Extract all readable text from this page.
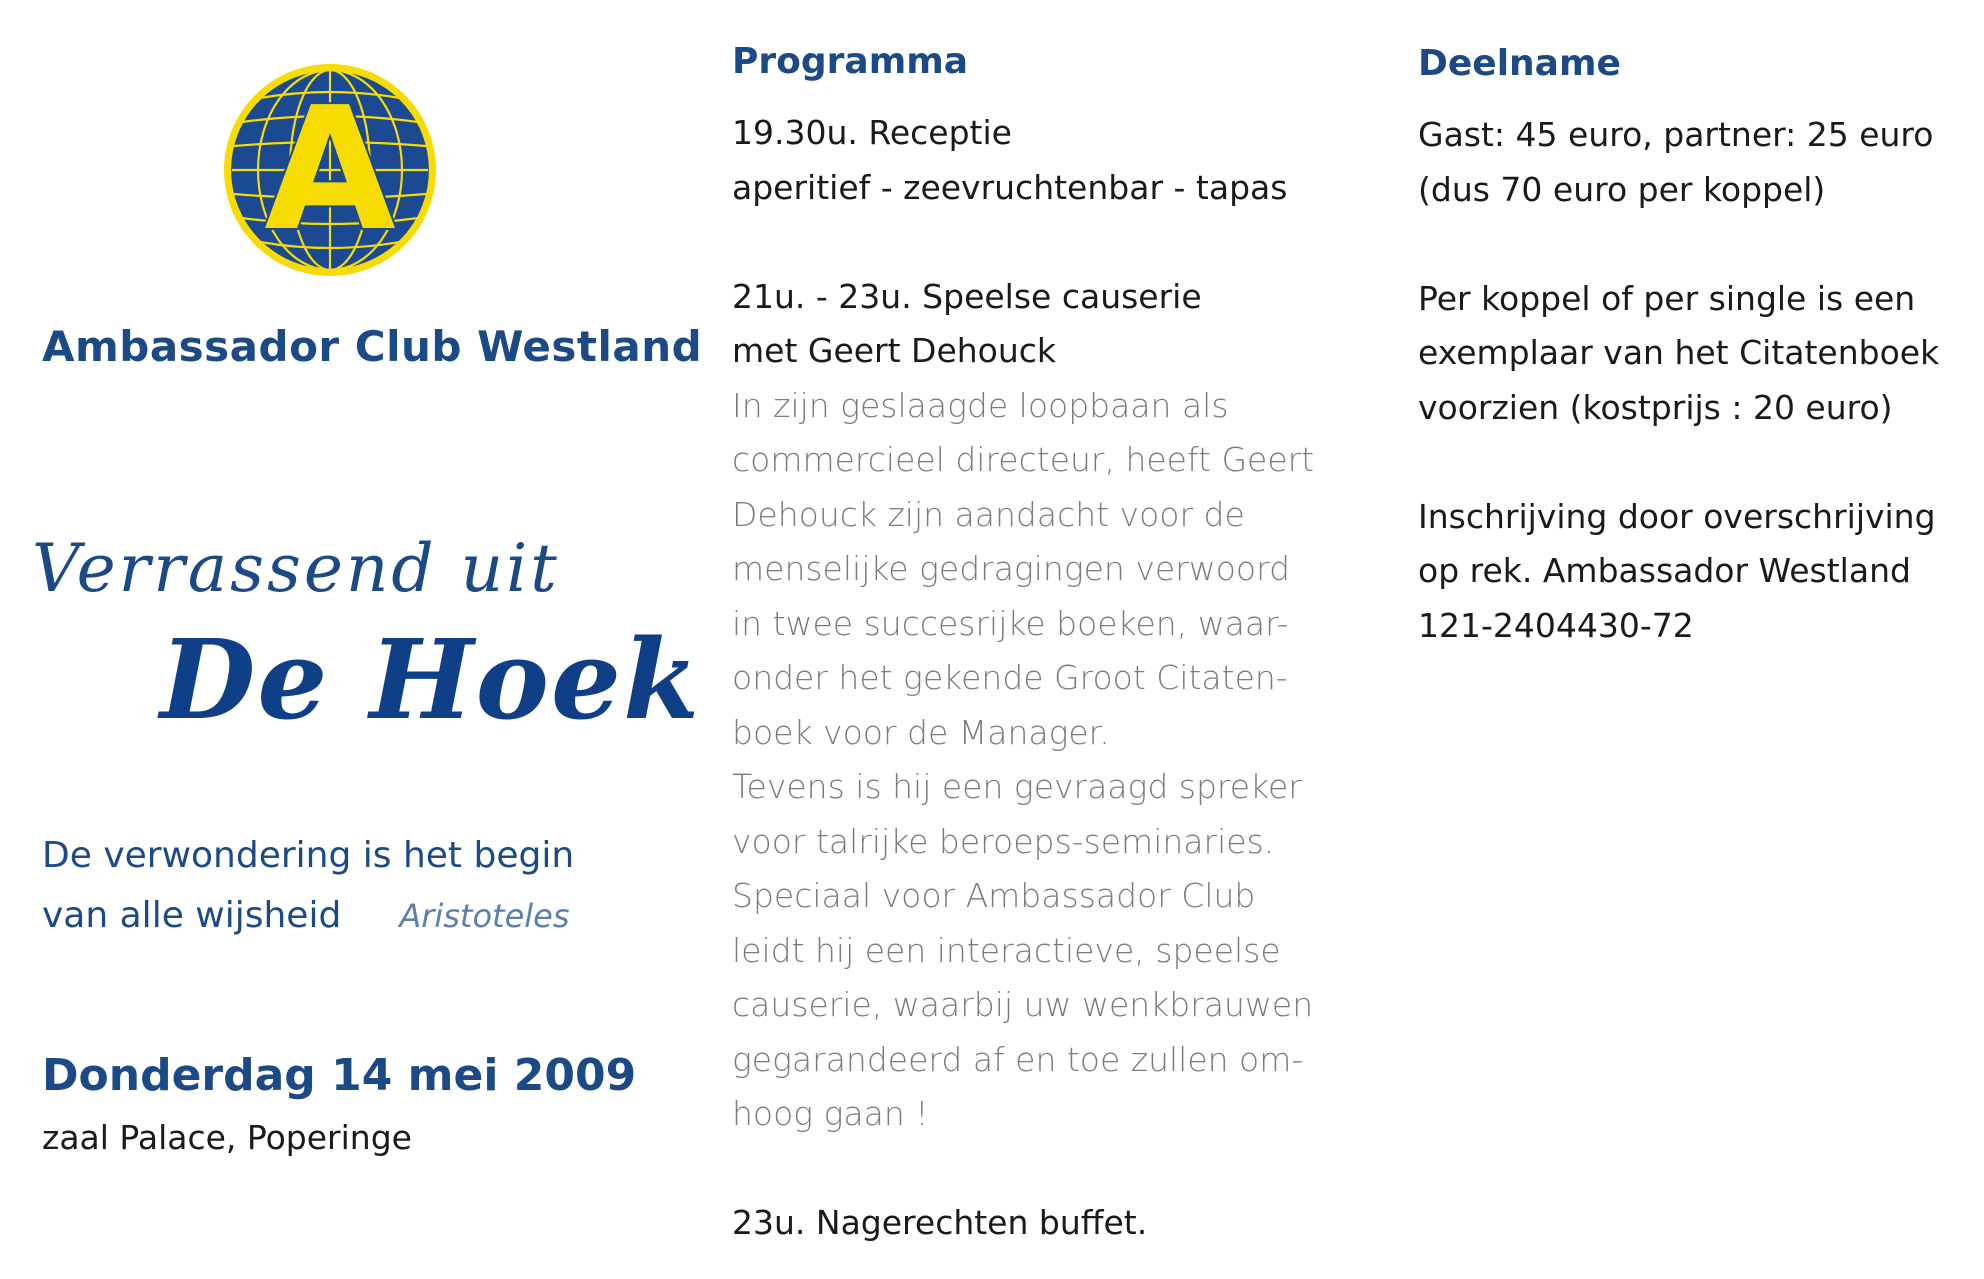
A
Ambassador Club Westland
Verrassend uit
De Hoek
De verwondering is het begin
van alle wijsheid Aristoteles
Donderdag 14 mei 2009
zaal Palace, Poperinge
Programma
19.30u. Receptie
aperitief - zeevruchtenbar - tapas
21u. - 23u. Speelse causerie
met Geert Dehouck
In zijn geslaagde loopbaan als
commercieel directeur, heeft Geert
Dehouck zijn aandacht voor de
menselijke gedragingen verwoord
in twee succesrijke boeken, waar-
onder het gekende Groot Citaten-
boek voor de Manager.
Tevens is hij een gevraagd spreker
voor talrijke beroeps-seminaries.
Speciaal voor Ambassador Club
leidt hij een interactieve, speelse
causerie, waarbij uw wenkbrauwen
gegarandeerd af en toe zullen om-
hoog gaan !
23u. Nagerechten buffet.
Deelname
Gast: 45 euro, partner: 25 euro
(dus 70 euro per koppel)
Per koppel of per single is een
exemplaar van het Citatenboek
voorzien (kostprijs : 20 euro)
Inschrijving door overschrijving
op rek. Ambassador Westland
121-2404430-72
